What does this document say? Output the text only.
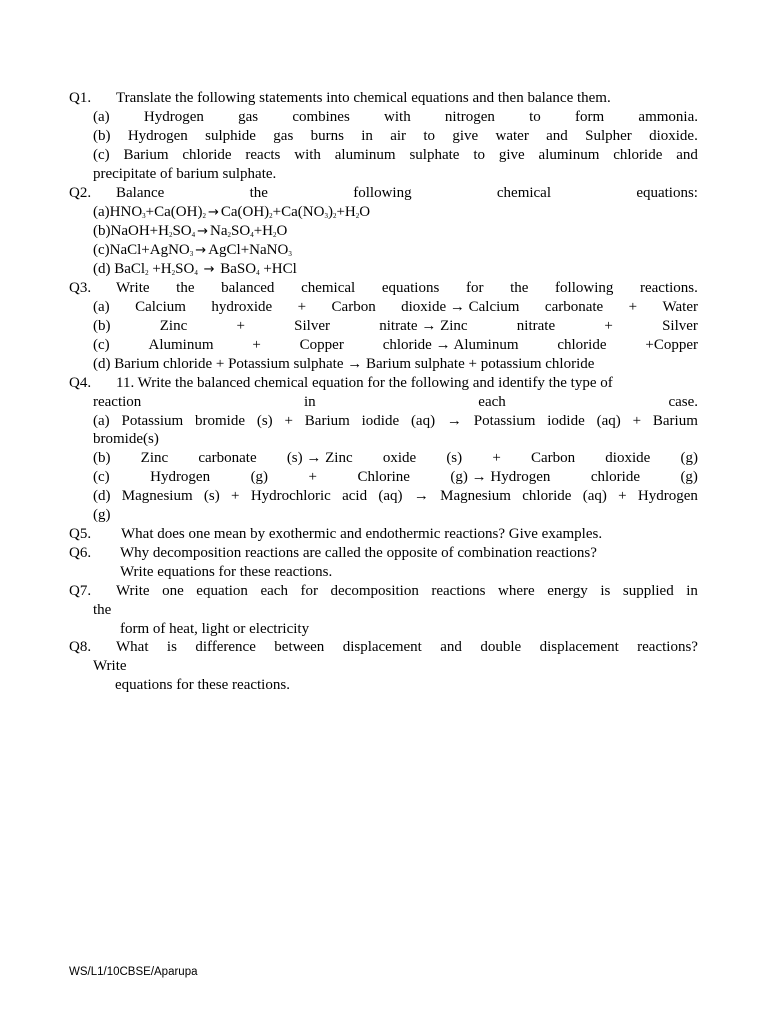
Q1. Translate the following statements into chemical equations and then balance them.
(a) Hydrogen gas combines with nitrogen to form ammonia.
(b) Hydrogen sulphide gas burns in air to give water and Sulpher dioxide.
(c) Barium chloride reacts with aluminum sulphate to give aluminum chloride and
precipitate of barium sulphate.
Q2.	Balance	the	following	chemical	equations:
$(a)HNO_3+Ca(OH)_2 \to Ca(OH)_2+Ca(NO_3)_2+H_2O$
$(b)NaOH+H_2SO_4 \to Na_2SO_4+H_2O$
(c)NaCl+AgNO$_3$ → AgCl+NaNO$_3$
(d) BaCl$_2$ $+H_2SO_4$ → BaSO$_4$ +HCl
Q3.	Write the balanced chemical equations for the following reactions.
(a) Calcium hydroxide + Carbon dioxide → Calcium carbonate + Water
(b)	Zinc	+	Silver	nitrate → Zinc	nitrate	+	Silver
(c)	Aluminum	+	Copper	chloride → Aluminum	chloride	+Copper
(d) Barium chloride + Potassium sulphate → Barium sulphate + potassium chloride
Q4. 11. Write the balanced chemical equation for the following and identify the type of
reaction	in	each	case.
(a) Potassium bromide (s) + Barium iodide (aq) → Potassium iodide (aq) + Barium
bromide(s)
(b) Zinc carbonate (s) → Zinc oxide (s) + Carbon dioxide (g)
(c)	Hydrogen	(g)	+	Chlorine	(g) → Hydrogen	chloride	(g)
(d) Magnesium (s) + Hydrochloric acid (aq) → Magnesium chloride (aq) + Hydrogen
(g)
Q5. What does one mean by exothermic and endothermic reactions? Give examples.
Q6. Why decomposition reactions are called the opposite of combination reactions?
Write equations for these reactions.
Q7.	Write one equation each for decomposition reactions where energy is supplied in
the
form of heat, light or electricity
Q8.	What is difference between displacement and double displacement reactions?
Write
equations for these reactions.
WS/L1/10CBSE/Aparupa
